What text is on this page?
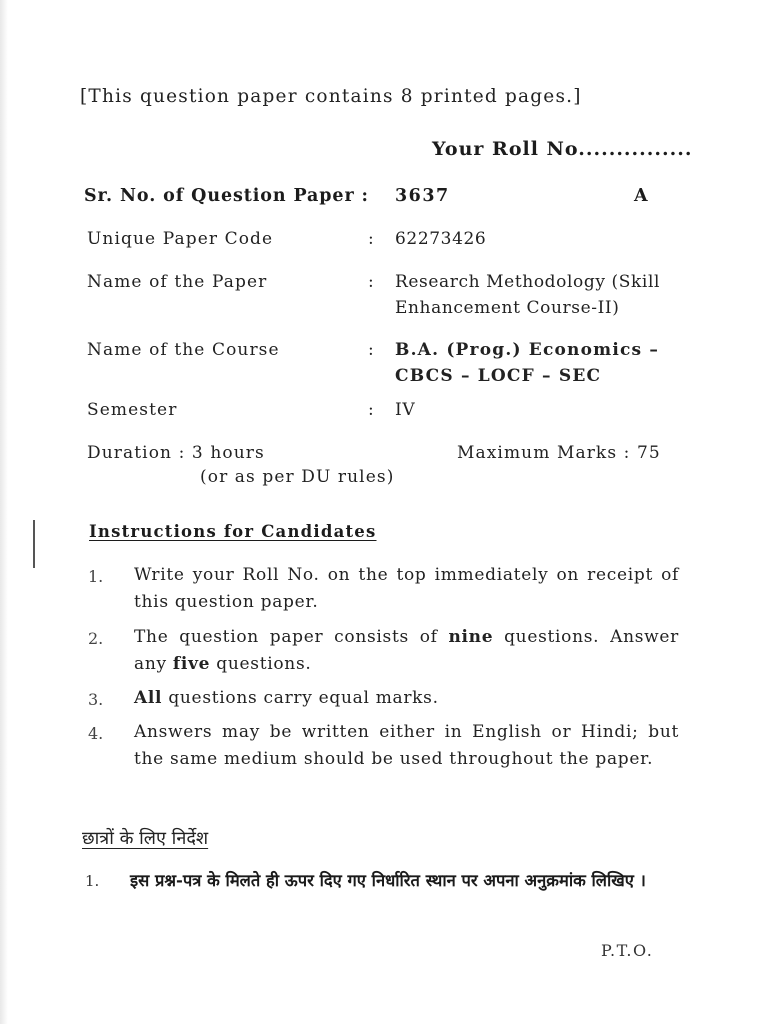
[This question paper contains 8 printed pages.]
Your Roll No...............
Sr. No. of Question Paper : 3637	A
Unique Paper Code	: 62273426
Name of the Paper	: Research Methodology (Skill Enhancement Course-II)
Name of the Course	: B.A. (Prog.) Economics – CBCS – LOCF – SEC
Semester	: IV
Duration : 3 hours
(or as per DU rules)
Maximum Marks : 75
Instructions for Candidates
1. Write your Roll No. on the top immediately on receipt of this question paper.
2. The question paper consists of nine questions. Answer any five questions.
3. All questions carry equal marks.
4. Answers may be written either in English or Hindi; but the same medium should be used throughout the paper.
छात्रों के लिए निर्देश
1. इस प्रश्न-पत्र के मिलते ही ऊपर दिए गए निर्धारित स्थान पर अपना अनुक्रमांक लिखिए ।
P.T.O.
